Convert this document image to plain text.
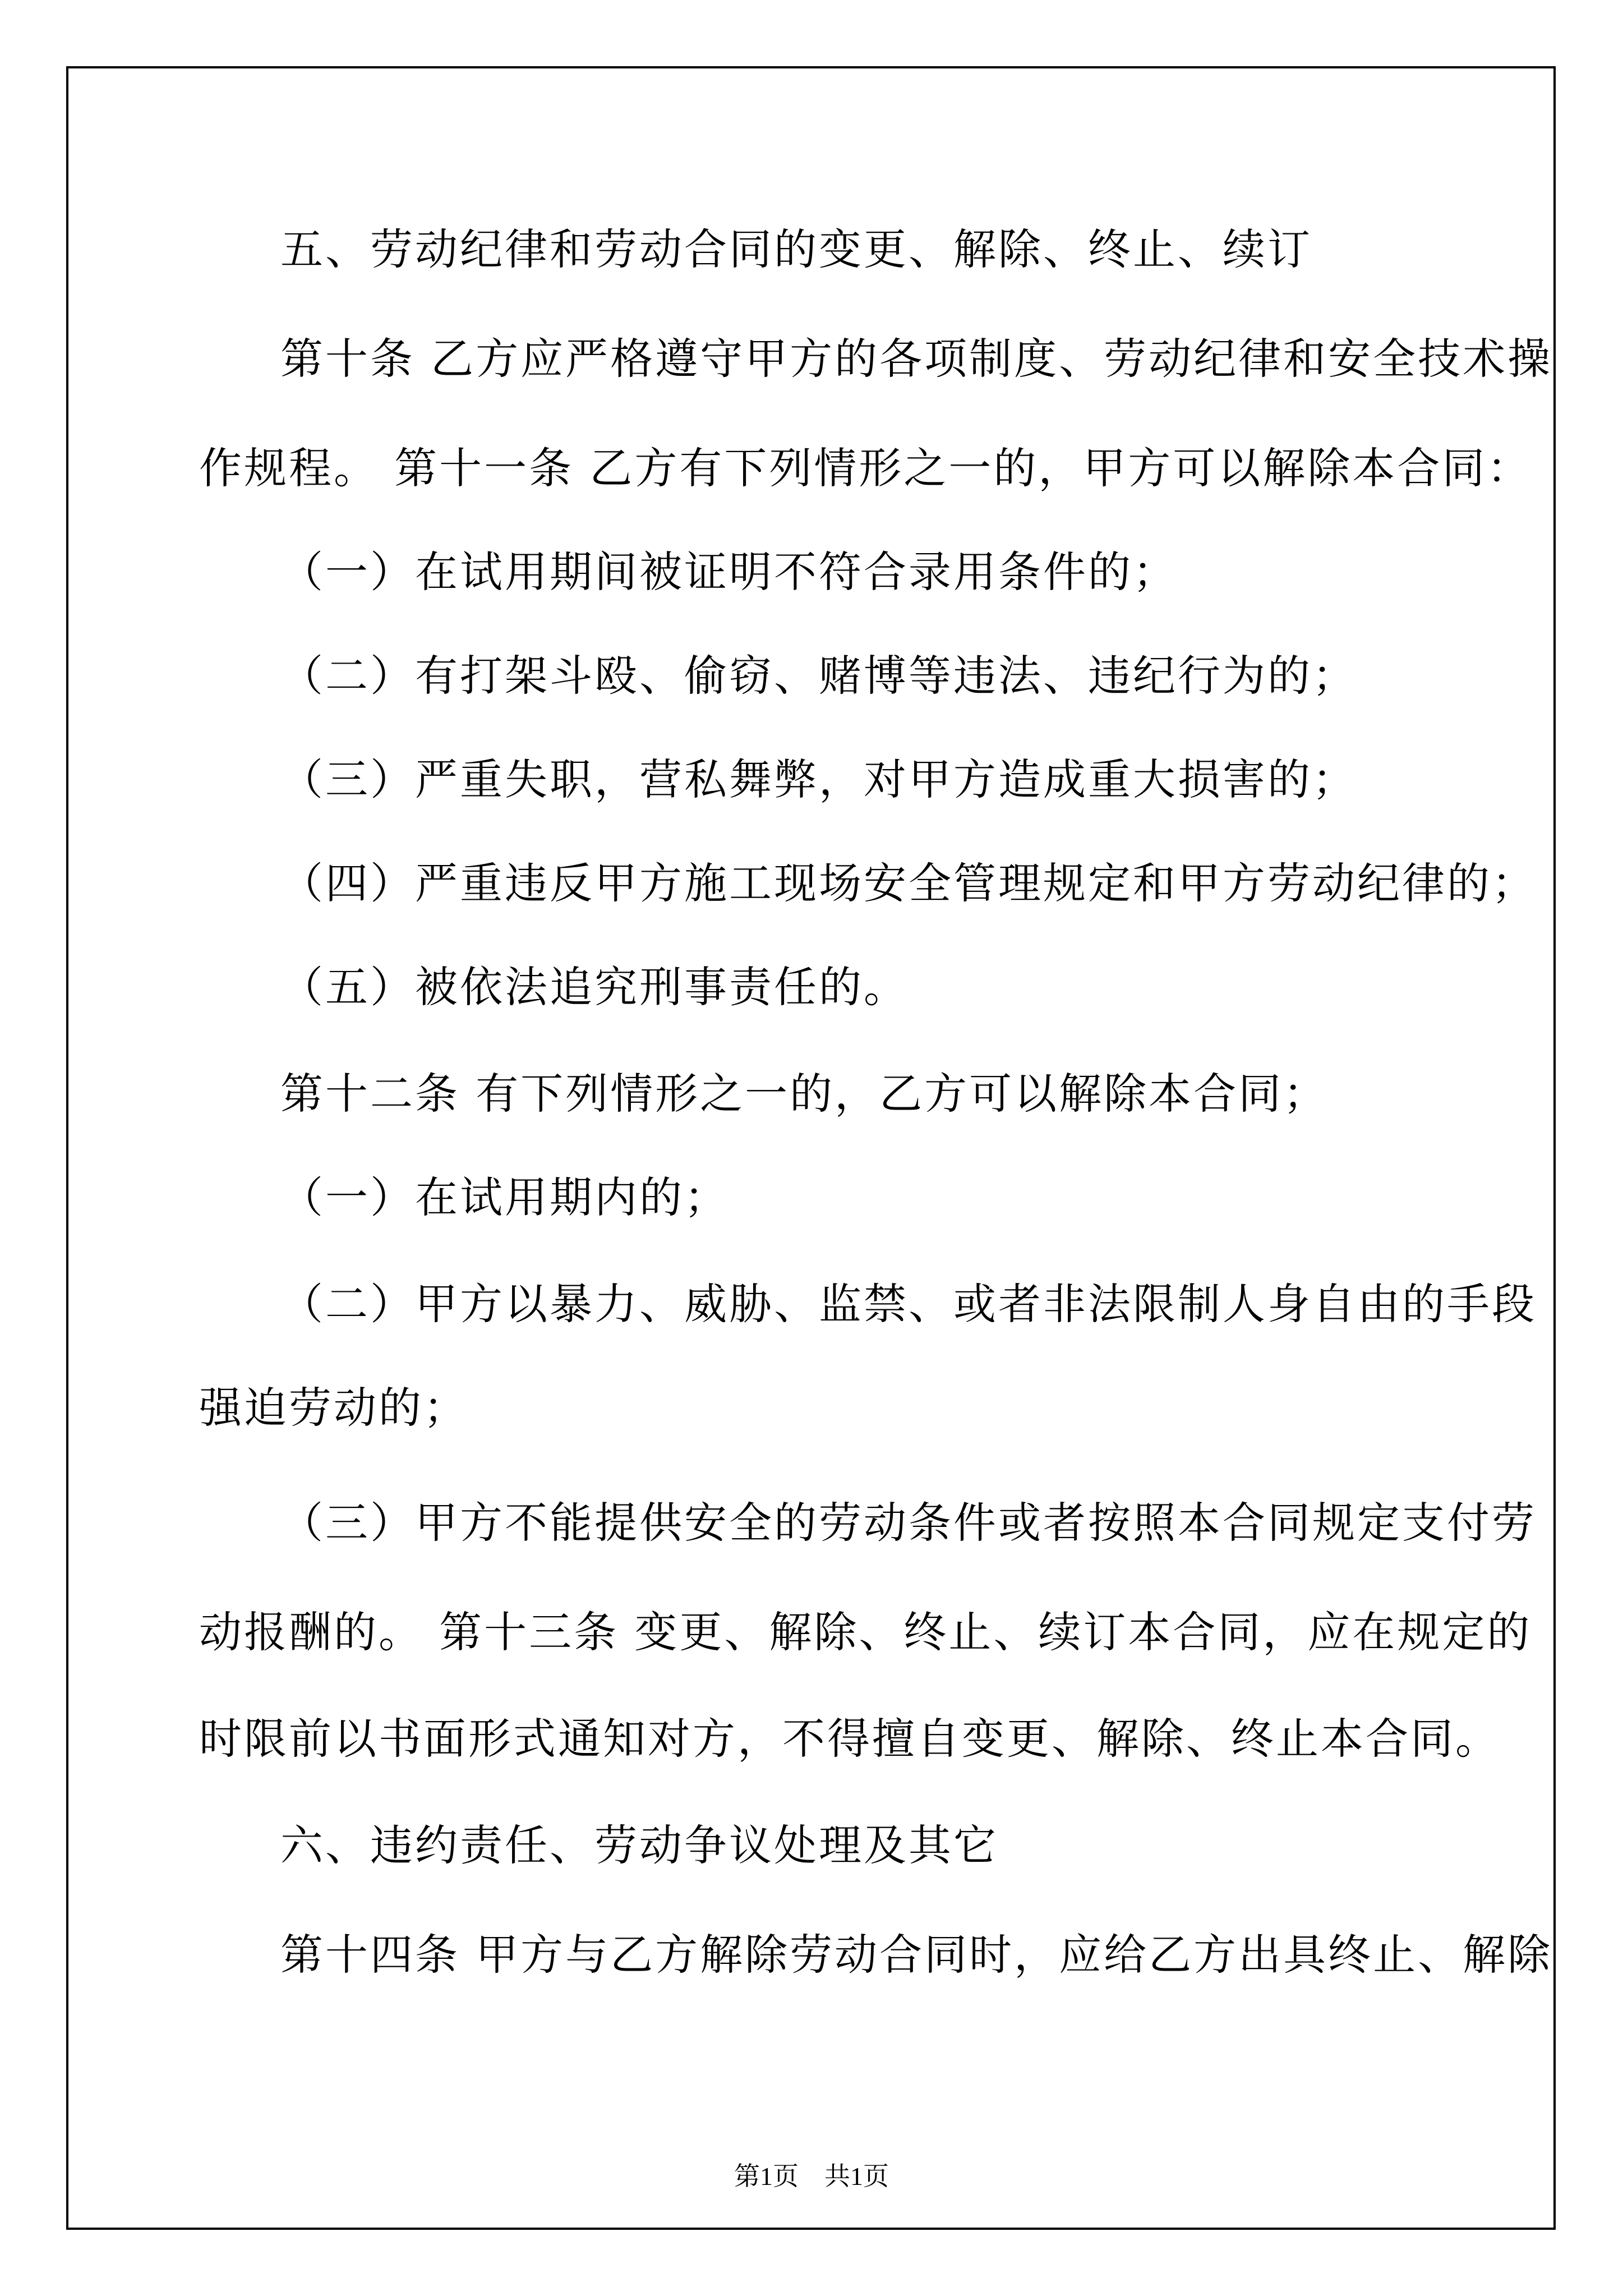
五、劳动纪律和劳动合同的变更、解除、终止、续订
第十条 乙方应严格遵守甲方的各项制度、劳动纪律和安全技术操
作规程。 第十一条 乙方有下列情形之一的，甲方可以解除本合同：
（一）在试用期间被证明不符合录用条件的；
（二）有打架斗殴、偷窃、赌博等违法、违纪行为的；
（三）严重失职，营私舞弊，对甲方造成重大损害的；
（四）严重违反甲方施工现场安全管理规定和甲方劳动纪律的；
（五）被依法追究刑事责任的。
第十二条 有下列情形之一的，乙方可以解除本合同；
（一）在试用期内的；
（二）甲方以暴力、威胁、监禁、或者非法限制人身自由的手段
强迫劳动的；
（三）甲方不能提供安全的劳动条件或者按照本合同规定支付劳
动报酬的。 第十三条 变更、解除、终止、续订本合同，应在规定的
时限前以书面形式通知对方，不得擅自变更、解除、终止本合同。
六、违约责任、劳动争议处理及其它
第十四条 甲方与乙方解除劳动合同时，应给乙方出具终止、解除
第1页　共1页
